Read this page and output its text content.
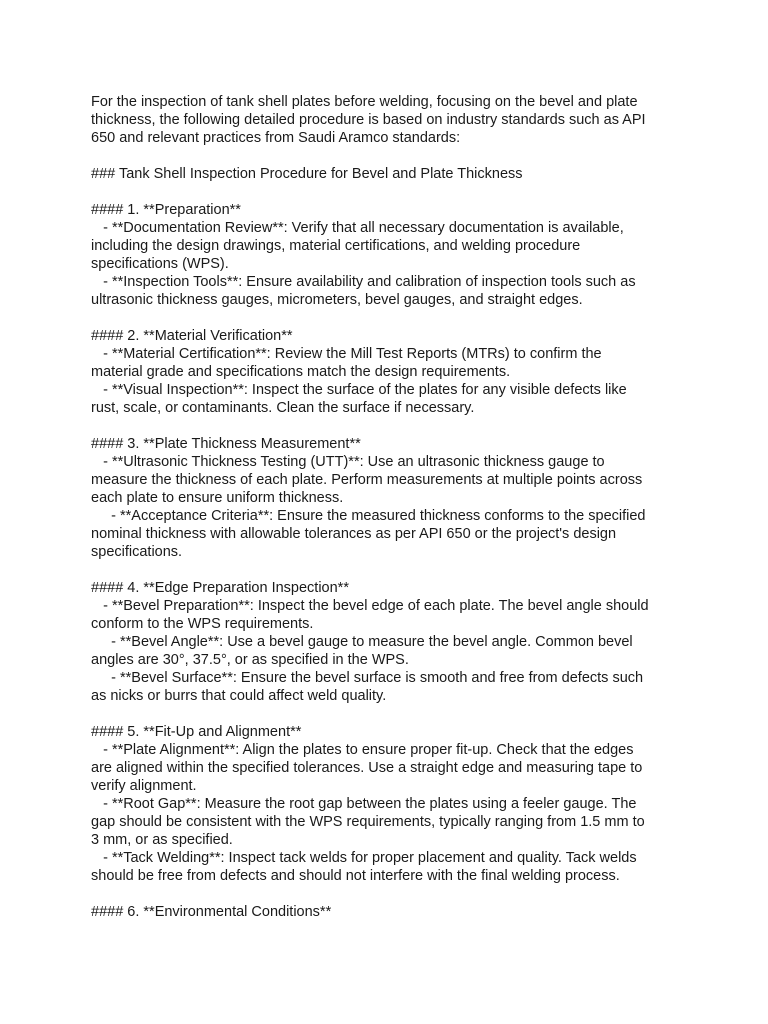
For the inspection of tank shell plates before welding, focusing on the bevel and plate
thickness, the following detailed procedure is based on industry standards such as API
650 and relevant practices from Saudi Aramco standards:
### Tank Shell Inspection Procedure for Bevel and Plate Thickness
#### 1. **Preparation**
- **Documentation Review**: Verify that all necessary documentation is available,
including the design drawings, material certifications, and welding procedure
specifications (WPS).
- **Inspection Tools**: Ensure availability and calibration of inspection tools such as
ultrasonic thickness gauges, micrometers, bevel gauges, and straight edges.
#### 2. **Material Verification**
- **Material Certification**: Review the Mill Test Reports (MTRs) to confirm the
material grade and specifications match the design requirements.
- **Visual Inspection**: Inspect the surface of the plates for any visible defects like
rust, scale, or contaminants. Clean the surface if necessary.
#### 3. **Plate Thickness Measurement**
- **Ultrasonic Thickness Testing (UTT)**: Use an ultrasonic thickness gauge to
measure the thickness of each plate. Perform measurements at multiple points across
each plate to ensure uniform thickness.
- **Acceptance Criteria**: Ensure the measured thickness conforms to the specified
nominal thickness with allowable tolerances as per API 650 or the project's design
specifications.
#### 4. **Edge Preparation Inspection**
- **Bevel Preparation**: Inspect the bevel edge of each plate. The bevel angle should
conform to the WPS requirements.
- **Bevel Angle**: Use a bevel gauge to measure the bevel angle. Common bevel
angles are 30°, 37.5°, or as specified in the WPS.
- **Bevel Surface**: Ensure the bevel surface is smooth and free from defects such
as nicks or burrs that could affect weld quality.
#### 5. **Fit-Up and Alignment**
- **Plate Alignment**: Align the plates to ensure proper fit-up. Check that the edges
are aligned within the specified tolerances. Use a straight edge and measuring tape to
verify alignment.
- **Root Gap**: Measure the root gap between the plates using a feeler gauge. The
gap should be consistent with the WPS requirements, typically ranging from 1.5 mm to
3 mm, or as specified.
- **Tack Welding**: Inspect tack welds for proper placement and quality. Tack welds
should be free from defects and should not interfere with the final welding process.
#### 6. **Environmental Conditions**
